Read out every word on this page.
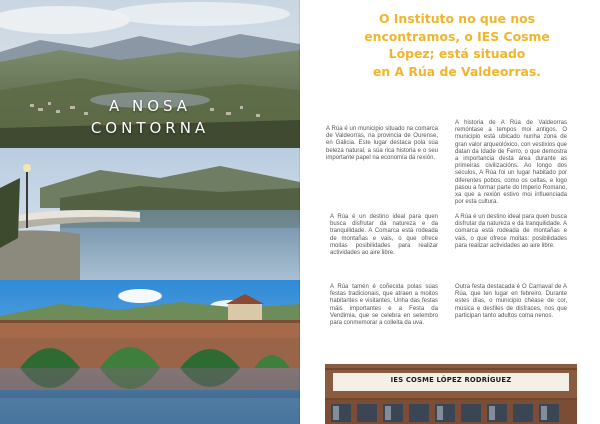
A NOSA
CONTORNA
O Instituto no que nos
encontramos, o IES Cosme
López; está situado
en A Rúa de Valdeorras.
A Rúa é un municipio situado na comarca de Valdeorras, na provincia de Ourense, en Galicia. Este lugar destaca pola súa beleza natural, a súa rica historia e o seu importante papel na economía da rexión.
A historia de A Rúa de Valdeorras remóntase a tempos moi antigos. O municipio está ubicado nunha zona de gran valor arqueolóxico, con vestixios que datan da Idade de Ferro, o que demostra a importancia desta área durante as primeiras civilizacións. Ao longo dos séculos, A Rúa foi un lugar habitado por diferentes pobos, como os celtas, e logo pasou a formar parte do Imperio Romano, xa que a rexión estivo moi influenciada por esta cultura.
A Rúa é un destino ideal para quen busca disfrutar da natureza e da tranquilidade. A Comarca está rodeada de montañas e vais, o que ofrece moitas posibilidades para realizar actividades ao aire libre.
A Rúa é un destino ideal para quen busca disfrutar da natureza e da tranquilidade. A comarca está rodeada de montañas e vais, o que ofrece moitas: posibilidades para realizar actividades ao aire libre.
A Rúa tamén é coñecida polas súas festas tradicionais, que atraen a moitos habitantes e visitantes. Unha das festas máis importantes e a Festa da Vendimia, que se celebra en setembro para conmemorar a colleita da uva.
Outra festa destacada é O Carnaval de A Rúa, que ten lugar en febreiro. Durante estes días, o municipio chéase de cor, música e desfiles de disfraces, nos que participan tanto adultos coma nenos.
IES COSME LÓPEZ RODRÍGUEZ
